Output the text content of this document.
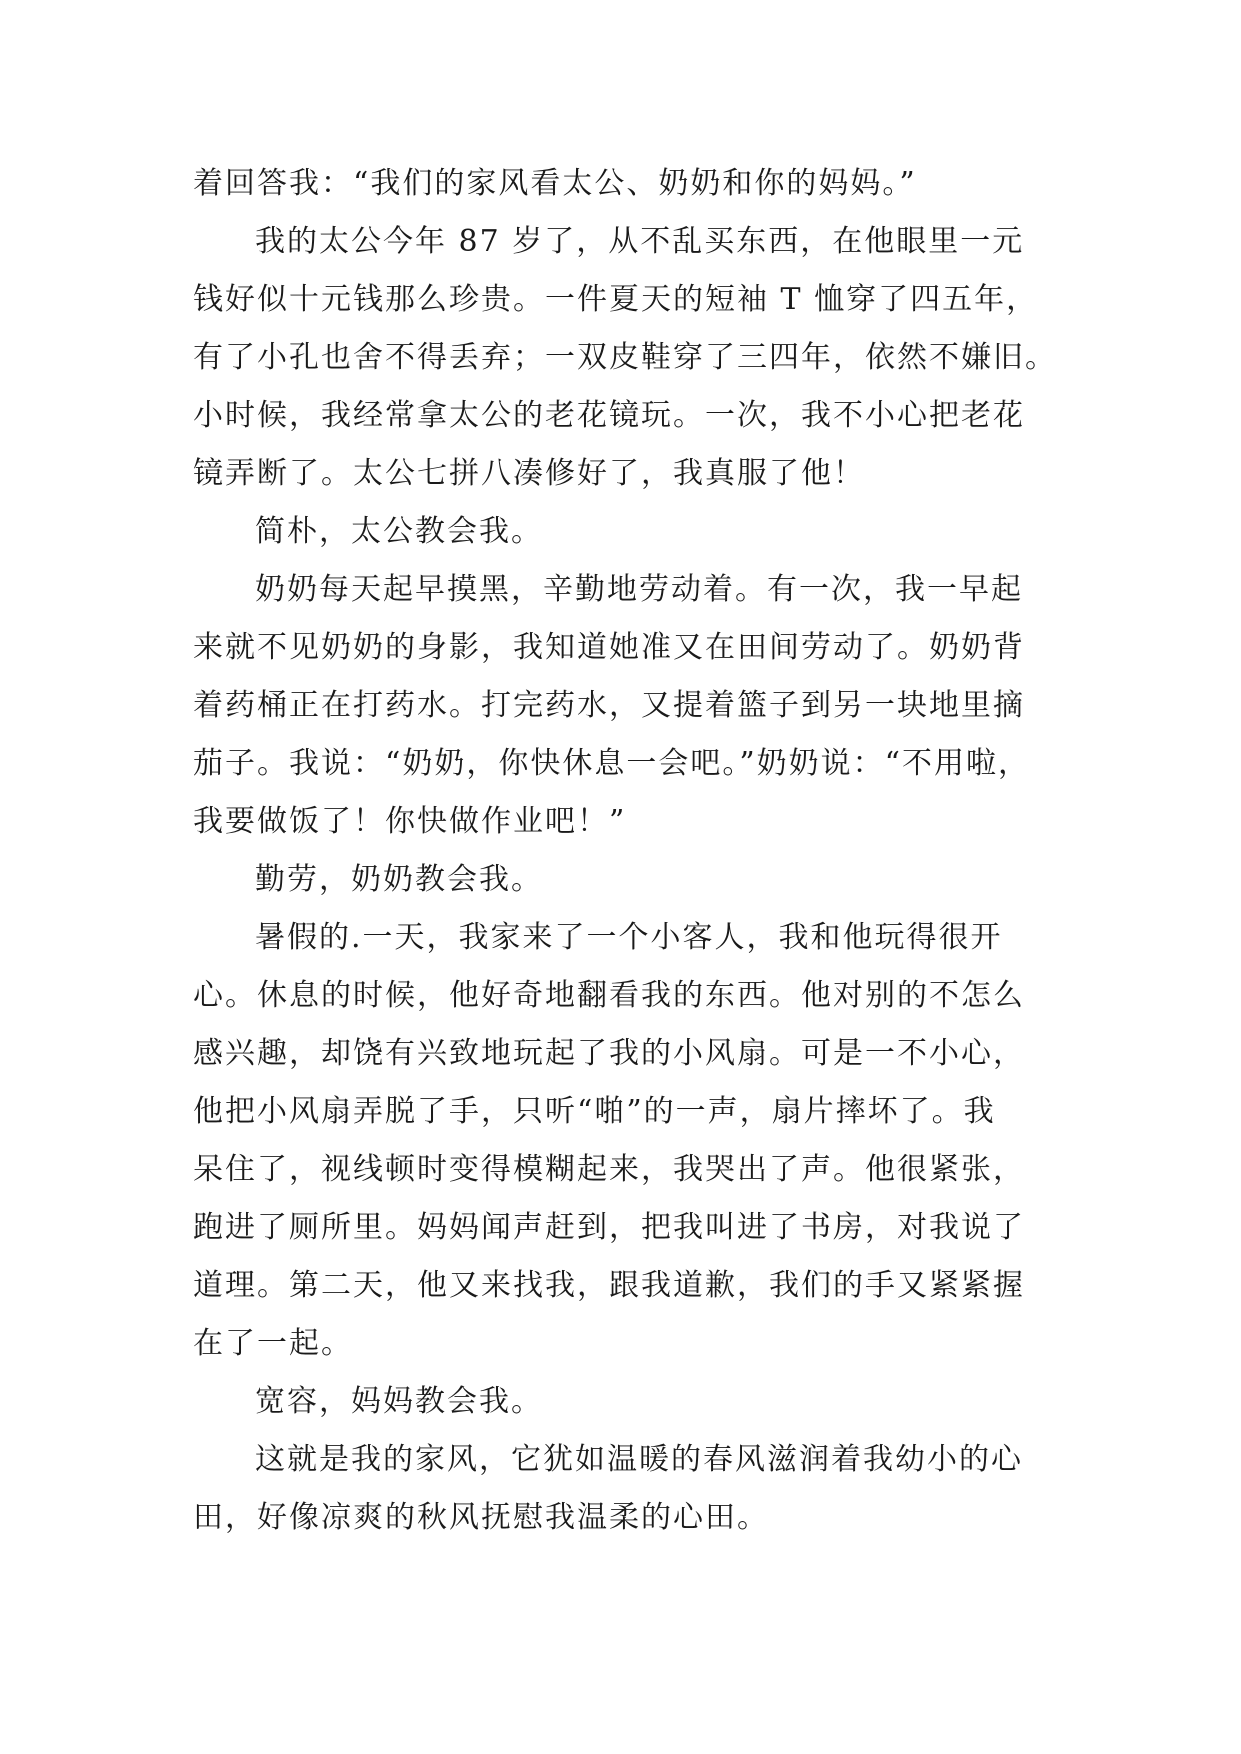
着回答我：“我们的家风看太公、奶奶和你的妈妈。”
我的太公今年 87 岁了，从不乱买东西，在他眼里一元
钱好似十元钱那么珍贵。一件夏天的短袖 T 恤穿了四五年，
有了小孔也舍不得丢弃；一双皮鞋穿了三四年，依然不嫌旧。
小时候，我经常拿太公的老花镜玩。一次，我不小心把老花
镜弄断了。太公七拼八凑修好了，我真服了他！
简朴，太公教会我。
奶奶每天起早摸黑，辛勤地劳动着。有一次，我一早起
来就不见奶奶的身影，我知道她准又在田间劳动了。奶奶背
着药桶正在打药水。打完药水，又提着篮子到另一块地里摘
茄子。我说：“奶奶，你快休息一会吧。”奶奶说：“不用啦，
我要做饭了！你快做作业吧！”
勤劳，奶奶教会我。
暑假的.一天，我家来了一个小客人，我和他玩得很开
心。休息的时候，他好奇地翻看我的东西。他对别的不怎么
感兴趣，却饶有兴致地玩起了我的小风扇。可是一不小心，
他把小风扇弄脱了手，只听“啪”的一声，扇片摔坏了。我
呆住了，视线顿时变得模糊起来，我哭出了声。他很紧张，
跑进了厕所里。妈妈闻声赶到，把我叫进了书房，对我说了
道理。第二天，他又来找我，跟我道歉，我们的手又紧紧握
在了一起。
宽容，妈妈教会我。
这就是我的家风，它犹如温暖的春风滋润着我幼小的心
田，好像凉爽的秋风抚慰我温柔的心田。
